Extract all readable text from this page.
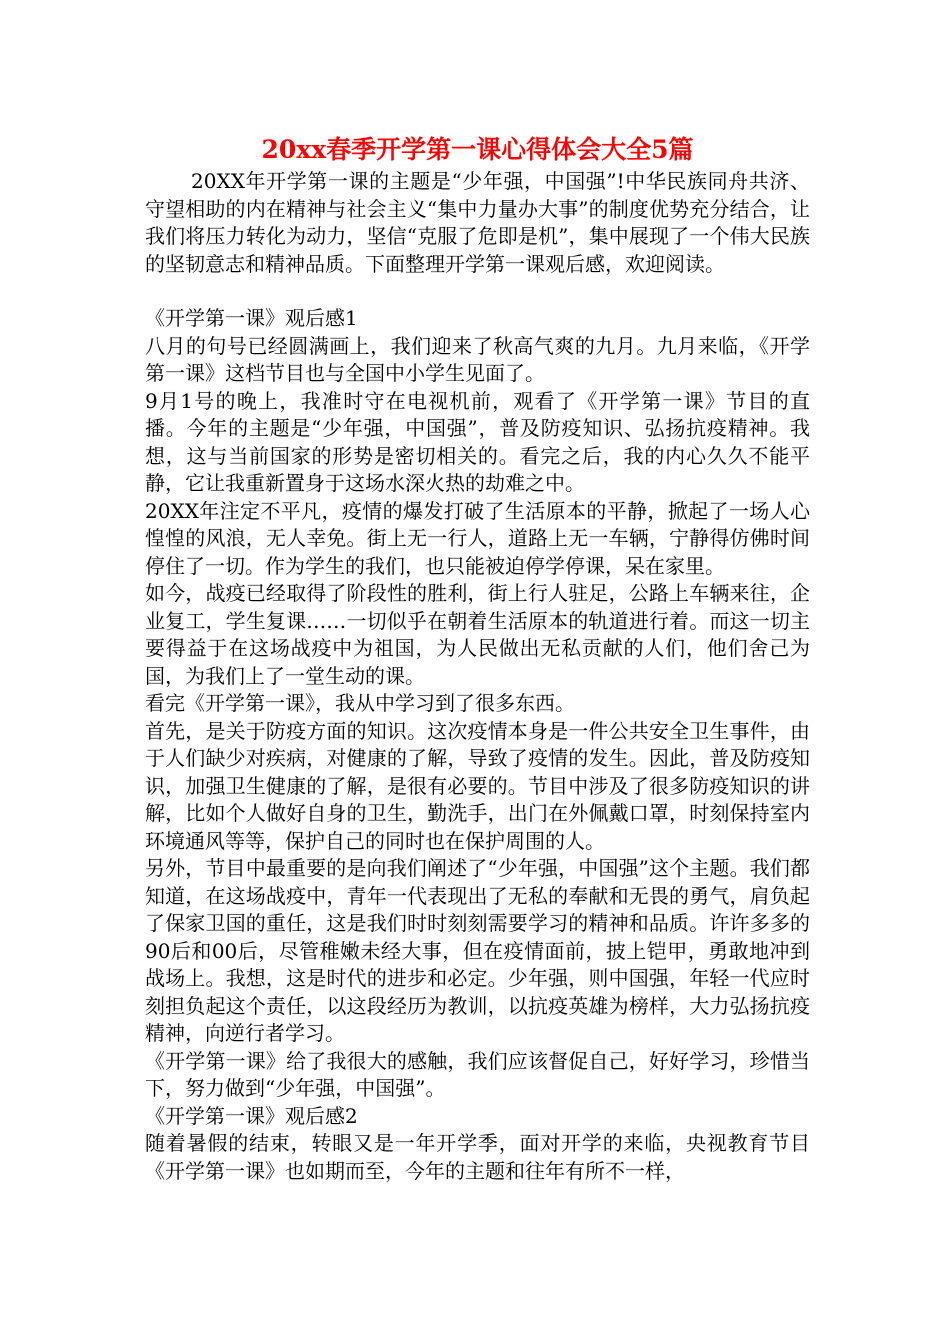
20xx春季开学第一课心得体会大全5篇

20XX年开学第一课的主题是“少年强，中国强”!中华民族同舟共济、守望相助的内在精神与社会主义“集中力量办大事”的制度优势充分结合，让我们将压力转化为动力，坚信“克服了危即是机”，集中展现了一个伟大民族的坚韧意志和精神品质。下面整理开学第一课观后感，欢迎阅读。

《开学第一课》观后感1

八月的句号已经圆满画上，我们迎来了秋高气爽的九月。九月来临，《开学第一课》这档节目也与全国中小学生见面了。

9月1号的晚上，我准时守在电视机前，观看了《开学第一课》节目的直播。今年的主题是“少年强，中国强”，普及防疫知识、弘扬抗疫精神。我想，这与当前国家的形势是密切相关的。看完之后，我的内心久久不能平静，它让我重新置身于这场水深火热的劫难之中。

20XX年注定不平凡，疫情的爆发打破了生活原本的平静，掀起了一场人心惶惶的风浪，无人幸免。街上无一行人，道路上无一车辆，宁静得仿佛时间停住了一切。作为学生的我们，也只能被迫停学停课，呆在家里。

如今，战疫已经取得了阶段性的胜利，街上行人驻足，公路上车辆来往，企业复工，学生复课……一切似乎在朝着生活原本的轨道进行着。而这一切主要得益于在这场战疫中为祖国，为人民做出无私贡献的人们，他们舍己为国，为我们上了一堂生动的课。

看完《开学第一课》，我从中学习到了很多东西。

首先，是关于防疫方面的知识。这次疫情本身是一件公共安全卫生事件，由于人们缺少对疾病，对健康的了解，导致了疫情的发生。因此，普及防疫知识，加强卫生健康的了解，是很有必要的。节目中涉及了很多防疫知识的讲解，比如个人做好自身的卫生，勤洗手，出门在外佩戴口罩，时刻保持室内环境通风等等，保护自己的同时也在保护周围的人。

另外，节目中最重要的是向我们阐述了“少年强，中国强”这个主题。我们都知道，在这场战疫中，青年一代表现出了无私的奉献和无畏的勇气，肩负起了保家卫国的重任，这是我们时时刻刻需要学习的精神和品质。许许多多的90后和00后，尽管稚嫩未经大事，但在疫情面前，披上铠甲，勇敢地冲到战场上。我想，这是时代的进步和必定。少年强，则中国强，年轻一代应时刻担负起这个责任，以这段经历为教训，以抗疫英雄为榜样，大力弘扬抗疫精神，向逆行者学习。

《开学第一课》给了我很大的感触，我们应该督促自己，好好学习，珍惜当下，努力做到“少年强，中国强”。

《开学第一课》观后感2

随着暑假的结束，转眼又是一年开学季，面对开学的来临，央视教育节目《开学第一课》也如期而至，今年的主题和往年有所不一样，
